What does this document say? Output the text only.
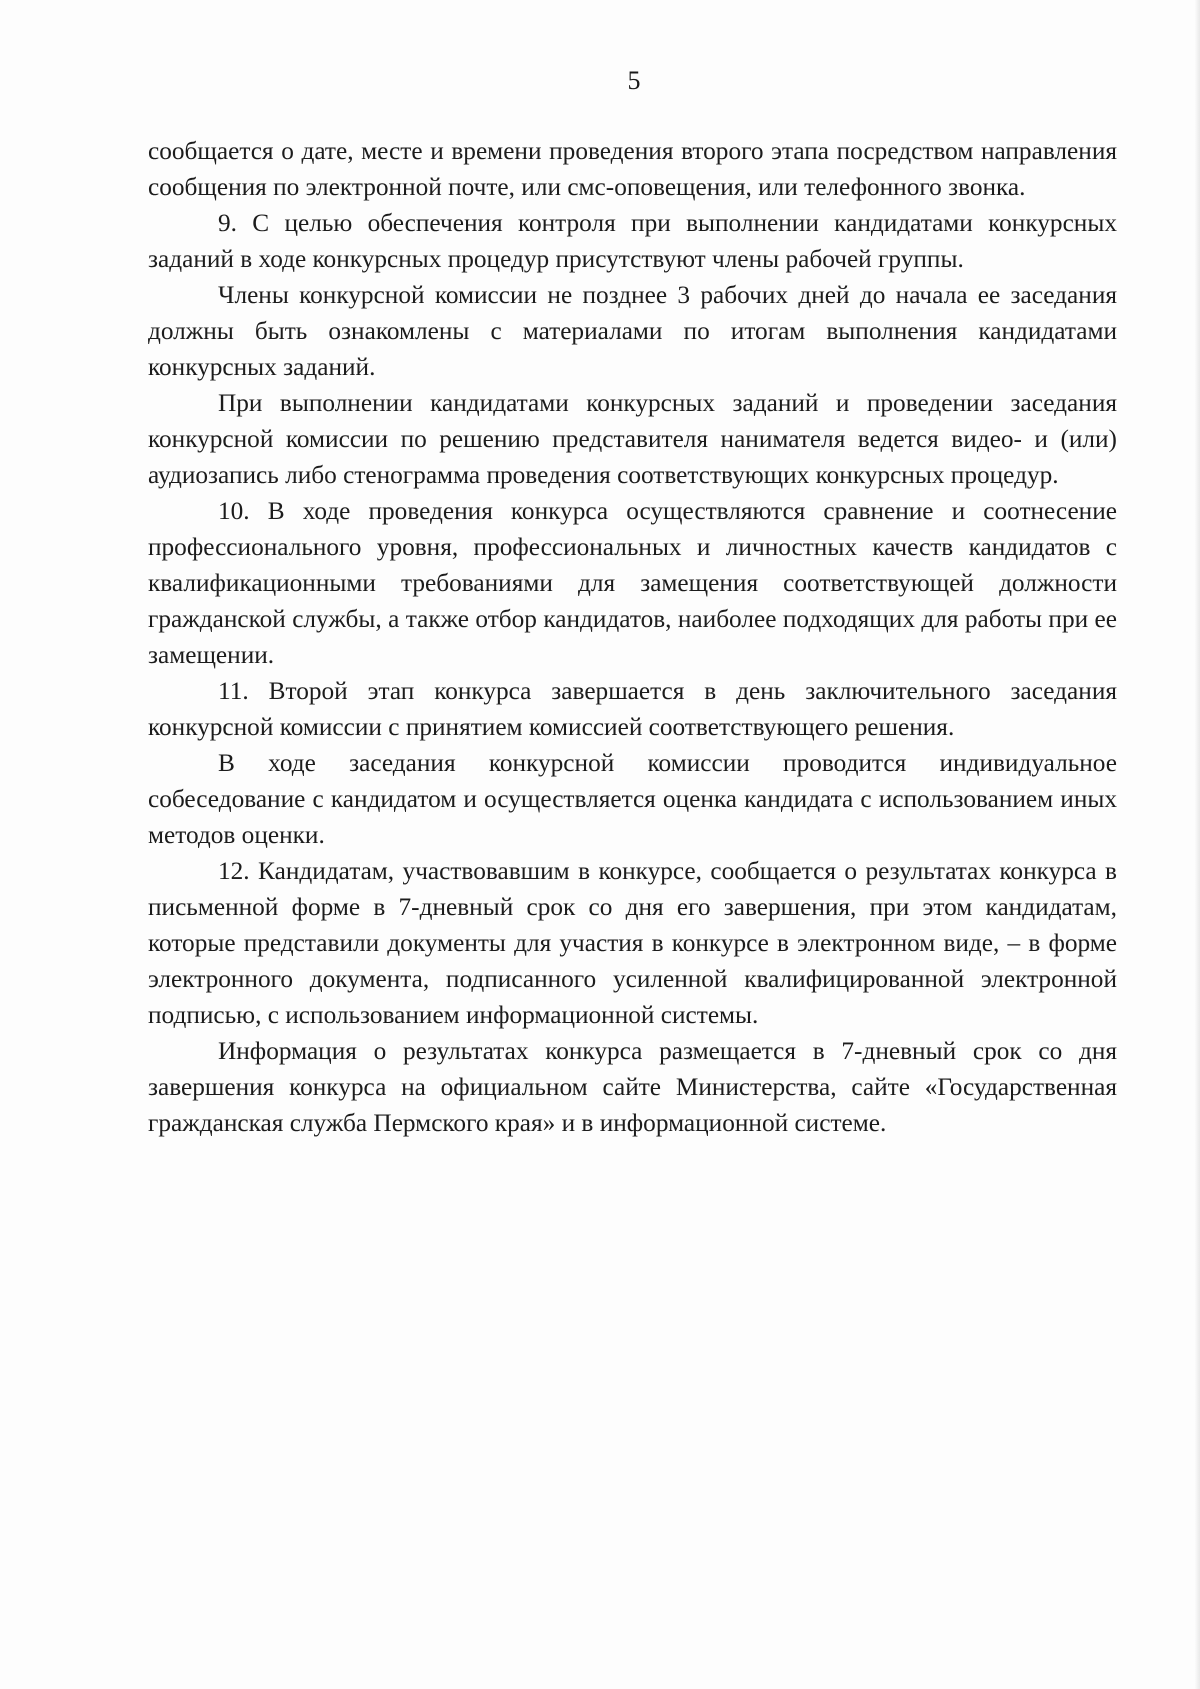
5

сообщается о дате, месте и времени проведения второго этапа посредством направления сообщения по электронной почте, или смс-оповещения, или телефонного звонка.

9. С целью обеспечения контроля при выполнении кандидатами конкурсных заданий в ходе конкурсных процедур присутствуют члены рабочей группы.

Члены конкурсной комиссии не позднее 3 рабочих дней до начала ее заседания должны быть ознакомлены с материалами по итогам выполнения кандидатами конкурсных заданий.

При выполнении кандидатами конкурсных заданий и проведении заседания конкурсной комиссии по решению представителя нанимателя ведется видео- и (или) аудиозапись либо стенограмма проведения соответствующих конкурсных процедур.

10. В ходе проведения конкурса осуществляются сравнение и соотнесение профессионального уровня, профессиональных и личностных качеств кандидатов с квалификационными требованиями для замещения соответствующей должности гражданской службы, а также отбор кандидатов, наиболее подходящих для работы при ее замещении.

11. Второй этап конкурса завершается в день заключительного заседания конкурсной комиссии с принятием комиссией соответствующего решения.

В ходе заседания конкурсной комиссии проводится индивидуальное собеседование с кандидатом и осуществляется оценка кандидата с использованием иных методов оценки.

12. Кандидатам, участвовавшим в конкурсе, сообщается о результатах конкурса в письменной форме в 7-дневный срок со дня его завершения, при этом кандидатам, которые представили документы для участия в конкурсе в электронном виде, – в форме электронного документа, подписанного усиленной квалифицированной электронной подписью, с использованием информационной системы.

Информация о результатах конкурса размещается в 7-дневный срок со дня завершения конкурса на официальном сайте Министерства, сайте «Государственная гражданская служба Пермского края» и в информационной системе.
